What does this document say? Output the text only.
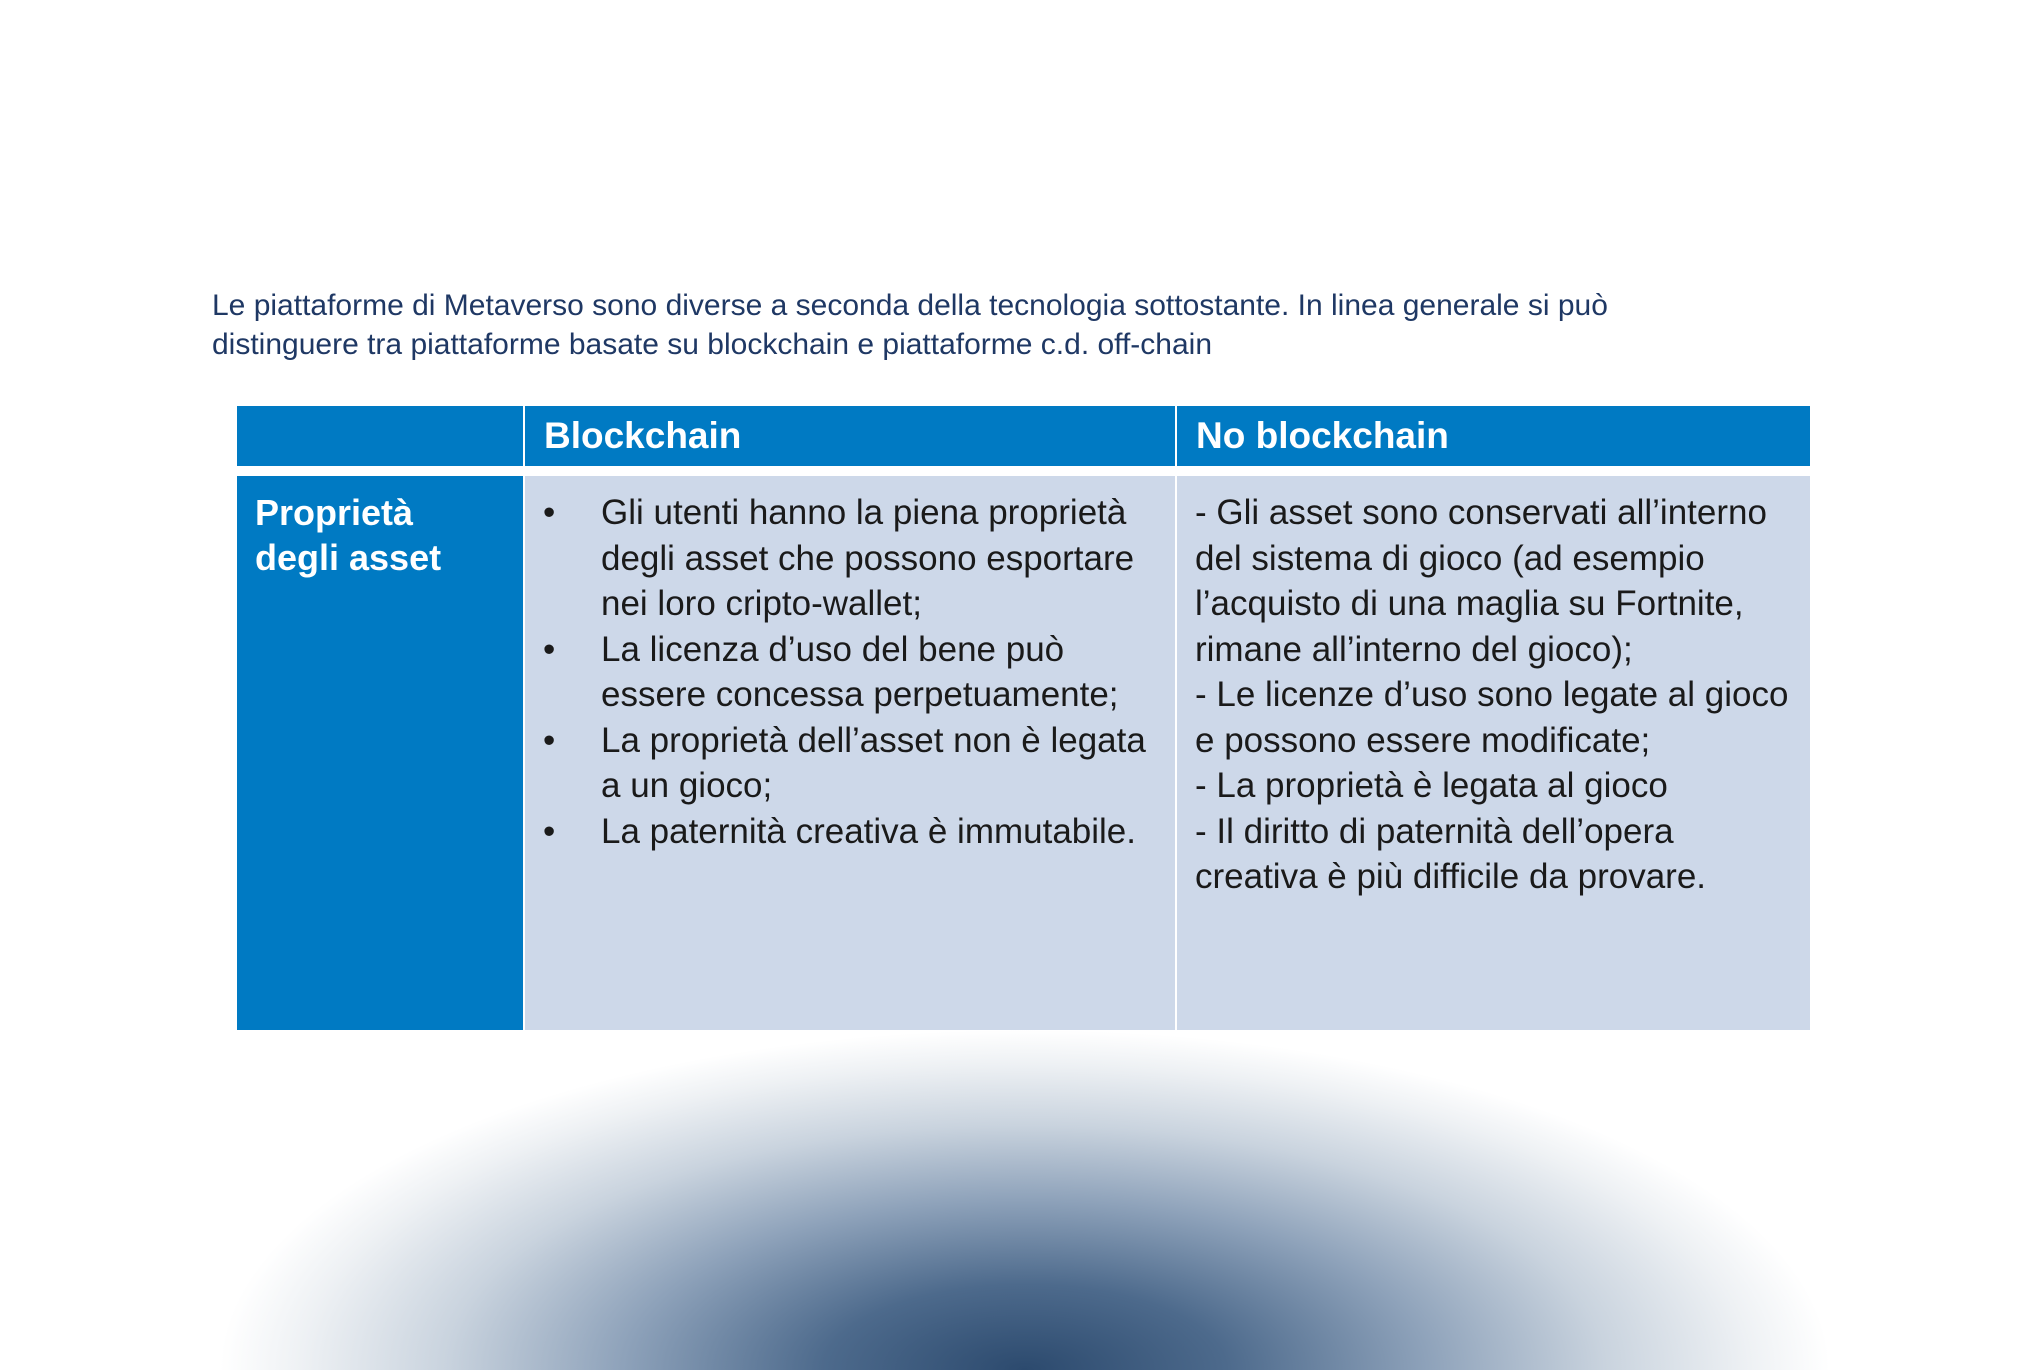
Le piattaforme di Metaverso sono diverse a seconda della tecnologia sottostante. In linea generale si può
distinguere tra piattaforme basate su blockchain e piattaforme c.d. off-chain
Blockchain	No blockchain
Proprietà degli asset
• Gli utenti hanno la piena proprietà degli asset che possono esportare nei loro cripto-wallet;
• La licenza d’uso del bene può essere concessa perpetuamente;
• La proprietà dell’asset non è legata a un gioco;
• La paternità creativa è immutabile.
- Gli asset sono conservati all’interno del sistema di gioco (ad esempio l’acquisto di una maglia su Fortnite, rimane all’interno del gioco);
- Le licenze d’uso sono legate al gioco e possono essere modificate;
- La proprietà è legata al gioco
- Il diritto di paternità dell’opera creativa è più difficile da provare.
